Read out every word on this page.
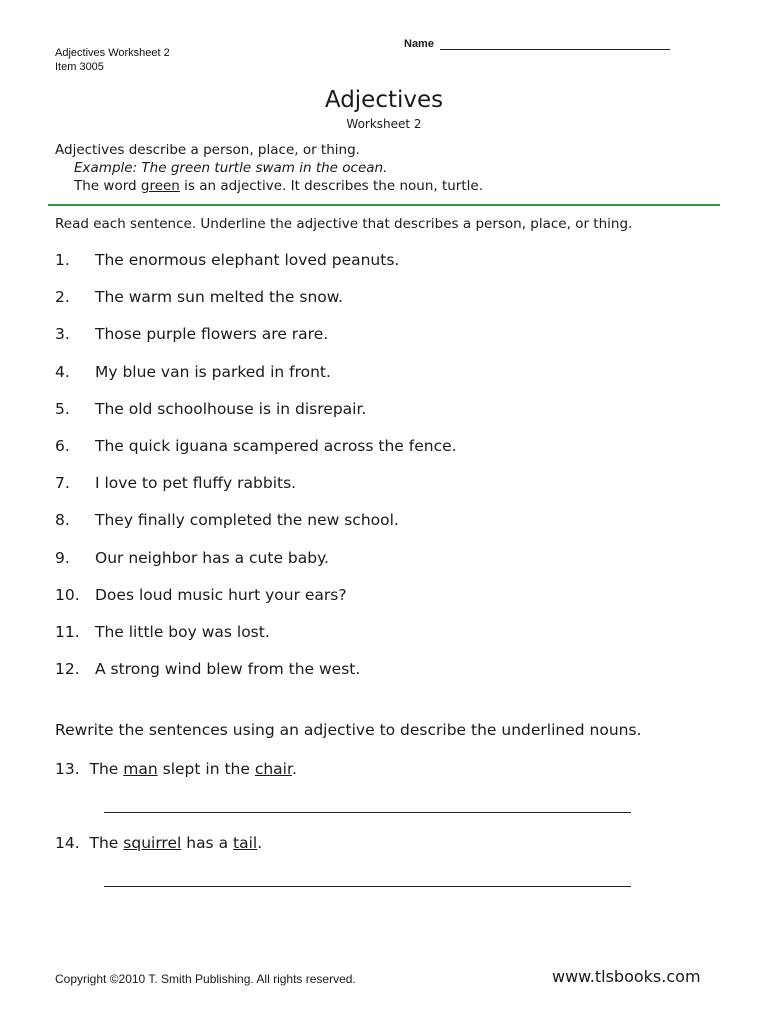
Adjectives Worksheet 2
Item 3005
Name
Adjectives
Worksheet 2
Adjectives describe a person, place, or thing.
Example: The green turtle swam in the ocean.
The word green is an adjective. It describes the noun, turtle.
Read each sentence. Underline the adjective that describes a person, place, or thing.
1. The enormous elephant loved peanuts.
2. The warm sun melted the snow.
3. Those purple flowers are rare.
4. My blue van is parked in front.
5. The old schoolhouse is in disrepair.
6. The quick iguana scampered across the fence.
7. I love to pet fluffy rabbits.
8. They finally completed the new school.
9. Our neighbor has a cute baby.
10. Does loud music hurt your ears?
11. The little boy was lost.
12. A strong wind blew from the west.
Rewrite the sentences using an adjective to describe the underlined nouns.
13. The man slept in the chair.
14. The squirrel has a tail.
Copyright ©2010 T. Smith Publishing. All rights reserved.	www.tlsbooks.com
